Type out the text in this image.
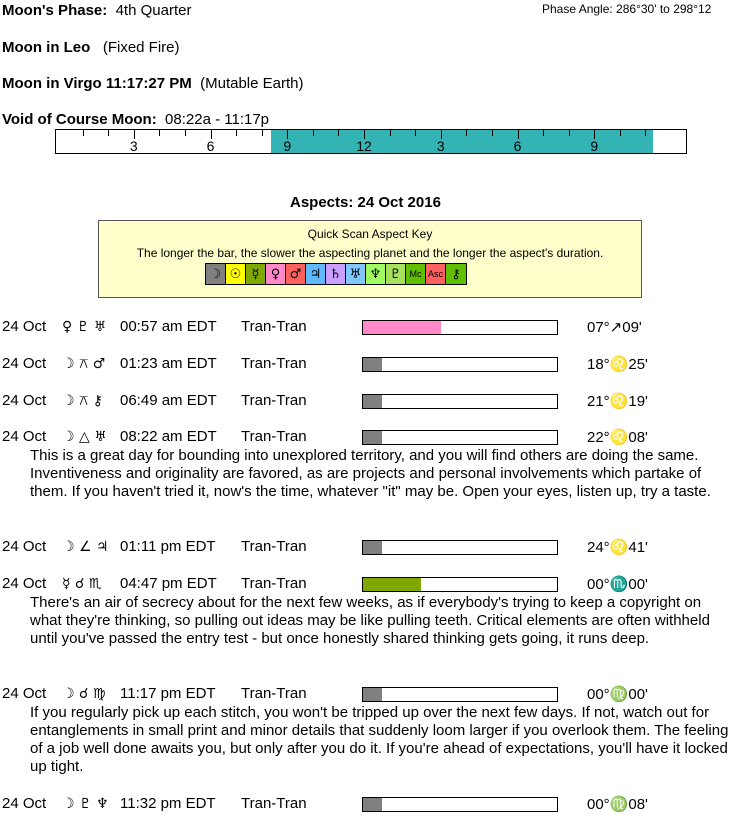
Moon's Phase: 4th Quarter	Phase Angle: 286°30' to 298°12
Moon in Leo (Fixed Fire)
Moon in Virgo 11:17:27 PM (Mutable Earth)
Void of Course Moon: 08:22a - 11:17p
3	6	9	12	3	6	9
Aspects: 24 Oct 2016
Quick Scan Aspect Key
The longer the bar, the slower the aspecting planet and the longer the aspect's duration.
☽ ☉ ☿ ♀ ♂ ♃ ♄ ♅ ♆ ♇ Mc Asc ⚷
24 Oct ♀ ♇ ♅ 00:57 am EDT Tran-Tran	07°↗09'
24 Oct ☽ ⚻ ♂ 01:23 am EDT Tran-Tran	18°♌25'
24 Oct ☽ ⚻ ⚷ 06:49 am EDT Tran-Tran	21°♌19'
24 Oct ☽ △ ♅ 08:22 am EDT Tran-Tran	22°♌08'
This is a great day for bounding into unexplored territory, and you will find others are doing the same. Inventiveness and originality are favored, as are projects and personal involvements which partake of them. If you haven't tried it, now's the time, whatever "it" may be. Open your eyes, listen up, try a taste.
24 Oct ☽ ∠ ♃ 01:11 pm EDT Tran-Tran	24°♌41'
24 Oct ☿ ☌ ♏ 04:47 pm EDT Tran-Tran	00°♏00'
There's an air of secrecy about for the next few weeks, as if everybody's trying to keep a copyright on what they're thinking, so pulling out ideas may be like pulling teeth. Critical elements are often withheld until you've passed the entry test - but once honestly shared thinking gets going, it runs deep.
24 Oct ☽ ☌ ♍ 11:17 pm EDT Tran-Tran	00°♍00'
If you regularly pick up each stitch, you won't be tripped up over the next few days. If not, watch out for entanglements in small print and minor details that suddenly loom larger if you overlook them. The feeling of a job well done awaits you, but only after you do it. If you're ahead of expectations, you'll have it locked up tight.
24 Oct ☽ ♇ ♆ 11:32 pm EDT Tran-Tran	00°♍08'
